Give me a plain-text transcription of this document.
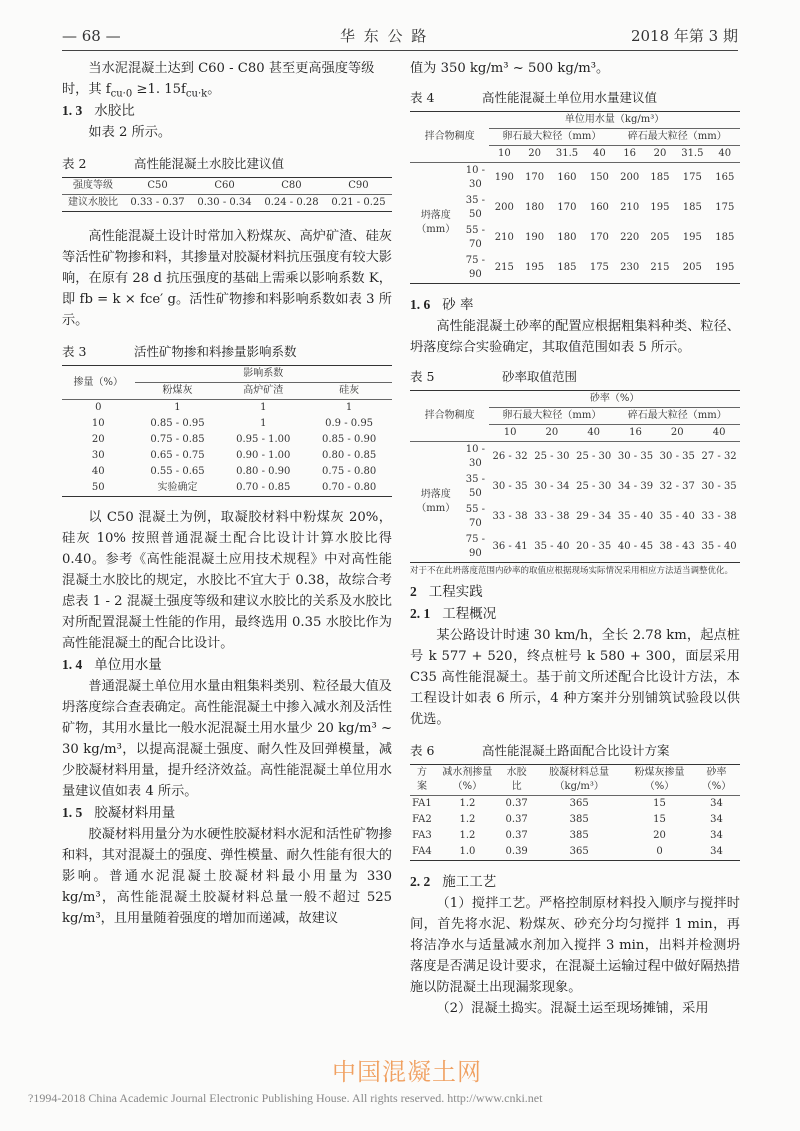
— 68 —	华 东 公 路	2018 年第 3 期

当水泥混凝土达到 C60 - C80 甚至更高强度等级

时，其 $f_{cu\cdot 0} \ge 1$. $15f_{cu\cdot k}$。

1. 3 水胶比

如表 2 所示。

表 2	高性能混凝土水胶比建议值

强度等级	C50	C60	C80	C90
建议水胶比	0.33 - 0.37	0.30 - 0.34	0.24 - 0.28	0.21 - 0.25

高性能混凝土设计时常加入粉煤灰、高炉矿渣、硅灰等活性矿物掺和料，其掺量对胶凝材料抗压强度有较大影响，在原有 28 d 抗压强度的基础上需乘以影响系数 K，即 fb = k × fce′ g。活性矿物掺和料影响系数如表 3 所示。

表 3	活性矿物掺和料掺量影响系数

掺量（%）	影响系数		
	粉煤灰	高炉矿渣	硅灰
0	1	1	1
10	0.85 - 0.95	1	0.9 - 0.95
20	0.75 - 0.85	0.95 - 1.00	0.85 - 0.90
30	0.65 - 0.75	0.90 - 1.00	0.80 - 0.85
40	0.55 - 0.65	0.80 - 0.90	0.75 - 0.80
50	实验确定	0.70 - 0.85	0.70 - 0.80

以 C50 混凝土为例，取凝胶材料中粉煤灰 20%，硅灰 10% 按照普通混凝土配合比设计计算水胶比得 0.40。参考《高性能混凝土应用技术规程》中对高性能混凝土水胶比的规定，水胶比不宜大于 0.38，故综合考虑表 1 - 2 混凝土强度等级和建议水胶比的关系及水胶比对所配置混凝土性能的作用，最终选用 0.35 水胶比作为高性能混凝土的配合比设计。

1. 4 单位用水量

普通混凝土单位用水量由粗集料类别、粒径最大值及坍落度综合查表确定。高性能混凝土中掺入减水剂及活性矿物，其用水量比一般水泥混凝土用水量少 20 kg/m³ ~ 30 kg/m³，以提高混凝土强度、耐久性及回弹模量，减少胶凝材料用量，提升经济效益。高性能混凝土单位用水量建议值如表 4 所示。

1. 5 胶凝材料用量

胶凝材料用量分为水硬性胶凝材料水泥和活性矿物掺和料，其对混凝土的强度、弹性模量、耐久性能有很大的影响。普通水泥混凝土胶凝材料最小用量为 330 kg/m³，高性能混凝土胶凝材料总量一般不超过 525 kg/m³，且用量随着强度的增加而递减，故建议

值为 350 kg/m³ ~ 500 kg/m³。

表 4	高性能混凝土单位用水量建议值

拌合物稠度		单位用水量（kg/m³）							
		卵石最大粒径（mm）				碎石最大粒径（mm）			
		10	20	31.5	40	16	20	31.5	40
坍落度（mm）	10 - 30	190	170	160	150	200	185	175	165
	35 - 50	200	180	170	160	210	195	185	175
	55 - 70	210	190	180	170	220	205	195	185
	75 - 90	215	195	185	175	230	215	205	195

1. 6 砂 率

高性能混凝土砂率的配置应根据粗集料种类、粒径、坍落度综合实验确定，其取值范围如表 5 所示。

表 5	砂率取值范围

拌合物稠度		砂率（%）					
		卵石最大粒径（mm）			碎石最大粒径（mm）		
		10	20	40	16	20	40
坍落度（mm）	10 - 30	26 - 32	25 - 30	25 - 30	30 - 35	30 - 35	27 - 32
	35 - 50	30 - 35	30 - 34	25 - 30	34 - 39	32 - 37	30 - 35
	55 - 70	33 - 38	33 - 38	29 - 34	35 - 40	35 - 40	33 - 38
	75 - 90	36 - 41	35 - 40	20 - 35	40 - 45	38 - 43	35 - 40
对于不在此坍落度范围内砂率的取值应根据现场实际情况采用相应方法适当调整优化。

2 工程实践

2. 1 工程概况

某公路设计时速 30 km/h，全长 2.78 km，起点桩号 k 577 + 520，终点桩号 k 580 + 300，面层采用 C35 高性能混凝土。基于前文所述配合比设计方法，本工程设计如表 6 所示，4 种方案并分别铺筑试验段以供优选。

表 6	高性能混凝土路面配合比设计方案

方案	减水剂掺量（%）	水胶比	胶凝材料总量（kg/m³）	粉煤灰掺量（%）	砂率（%）
FA1	1.2	0.37	365	15	34
FA2	1.2	0.37	385	15	34
FA3	1.2	0.37	385	20	34
FA4	1.0	0.39	365	0	34

2. 2 施工工艺

（1）搅拌工艺。严格控制原材料投入顺序与搅拌时间，首先将水泥、粉煤灰、砂充分均匀搅拌 1 min，再将洁净水与适量减水剂加入搅拌 3 min，出料并检测坍落度是否满足设计要求，在混凝土运输过程中做好隔热措施以防混凝土出现漏浆现象。

（2）混凝土捣实。混凝土运至现场摊铺，采用

中国混凝土网
?1994-2018 China Academic Journal Electronic Publishing House. All rights reserved. http://www.cnki.net
